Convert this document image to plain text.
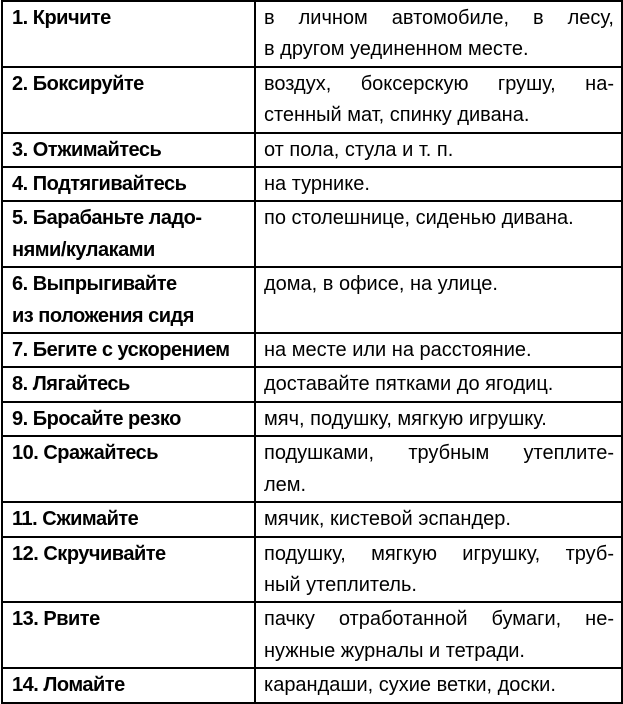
1. Кричите	в личном автомобиле, в лесу,
в другом уединенном месте.

2. Боксируйте	воздух, боксерскую грушу, на-
стенный мат, спинку дивана.

3. Отжимайтесь	от пола, стула и т. п.

4. Подтягивайтесь	на турнике.

5. Барабаньте ладо-
нями/кулаками	по столешнице, сиденью дивана.

6. Выпрыгивайте
из положения сидя	дома, в офисе, на улице.

7. Бегите с ускорением	на месте или на расстояние.

8. Лягайтесь	доставайте пятками до ягодиц.

9. Бросайте резко	мяч, подушку, мягкую игрушку.

10. Сражайтесь	подушками, трубным утеплите-
лем.

11. Сжимайте	мячик, кистевой эспандер.

12. Скручивайте	подушку, мягкую игрушку, труб-
ный утеплитель.

13. Рвите	пачку отработанной бумаги, не-
нужные журналы и тетради.

14. Ломайте	карандаши, сухие ветки, доски.
